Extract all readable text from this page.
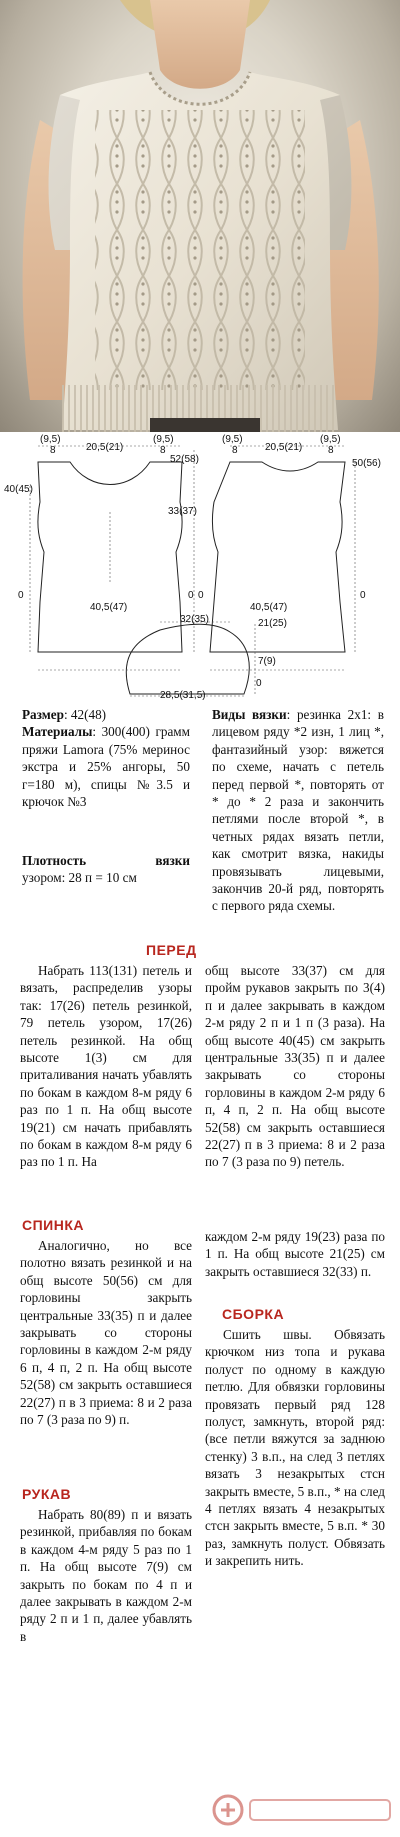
(9,5)
8	20,5(21)
(9,5)
8
52(58)
40(45)
33(37)
0	0
40,5(47)
(9,5)
8	20,5(21)
(9,5)
8
50(56)
0	0
40,5(47)
32(35)	21(25)
7(9)
0
28,5(31,5)

Размер: 42(48)

Материалы: 300(400) грамм пряжи Lamora (75% меринос экстра и 25% ангоры, 50 г=180 м), спицы №3.5 и крючок №3

Плотность	вязки

узором: 28 п = 10 см

Виды вязки: резинка 2х1: в лицевом ряду *2 изн, 1 лиц *, фантазийный узор: вяжется по схеме, начать с петель перед первой *, повторять от * до * 2 раза и закончить петлями после второй *, в четных рядах вязать петли, как смотрит вязка, накиды провязывать лицевыми, закончив 20-й ряд, повторять с первого ряда схемы.

ПЕРЕД

Набрать 113(131) петель и вязать, распределив узоры так: 17(26) петель резинкой, 79 петель узором, 17(26) петель резинкой. На общ высоте 1(3) см для приталивания начать убавлять по бокам в каждом 8-м ряду 6 раз по 1 п. На общ высоте 19(21) см начать прибавлять по бокам в каждом 8-м ряду 6 раз по 1 п. На

общ высоте 33(37) см для пройм рукавов закрыть по 3(4) п и далее закрывать в каждом 2-м ряду 2 п и 1 п (3 раза). На общ высоте 40(45) см закрыть центральные 33(35) п и далее закрывать со стороны горловины в каждом 2-м ряду 6 п, 4 п, 2 п. На общ высоте 52(58) см закрыть оставшиеся 22(27) п в 3 приема: 8 и 2 раза по 7 (3 раза по 9) петель.

СПИНКА

Аналогично, но все полотно вязать резинкой и на общ высоте 50(56) см для горловины закрыть центральные 33(35) п и далее закрывать со стороны горловины в каждом 2-м ряду 6 п, 4 п, 2 п. На общ высоте 52(58) см закрыть оставшиеся 22(27) п в 3 приема: 8 и 2 раза по 7 (3 раза по 9) п.

РУКАВ

Набрать 80(89) п и вязать резинкой, прибавляя по бокам в каждом 4-м ряду 5 раз по 1 п. На общ высоте 7(9) см закрыть по бокам по 4 п и далее закрывать в каждом 2-м ряду 2 п и 1 п, далее убавлять в

каждом 2-м ряду 19(23) раза по 1 п. На общ высоте 21(25) см закрыть оставшиеся 32(33) п.

СБОРКА

Сшить швы. Обвязать крючком низ топа и рукава полуст по одному в каждую петлю. Для обвязки горловины провязать первый ряд 128 полуст, замкнуть, второй ряд: (все петли вяжутся за заднюю стенку) 3 в.п., на след 3 петлях вязать 3 незакрытых стсн закрыть вместе, 5 в.п., * на след 4 петлях вязать 4 незакрытых стсн закрыть вместе, 5 в.п. * 30 раз, замкнуть полуст. Обвязать и закрепить нить.
